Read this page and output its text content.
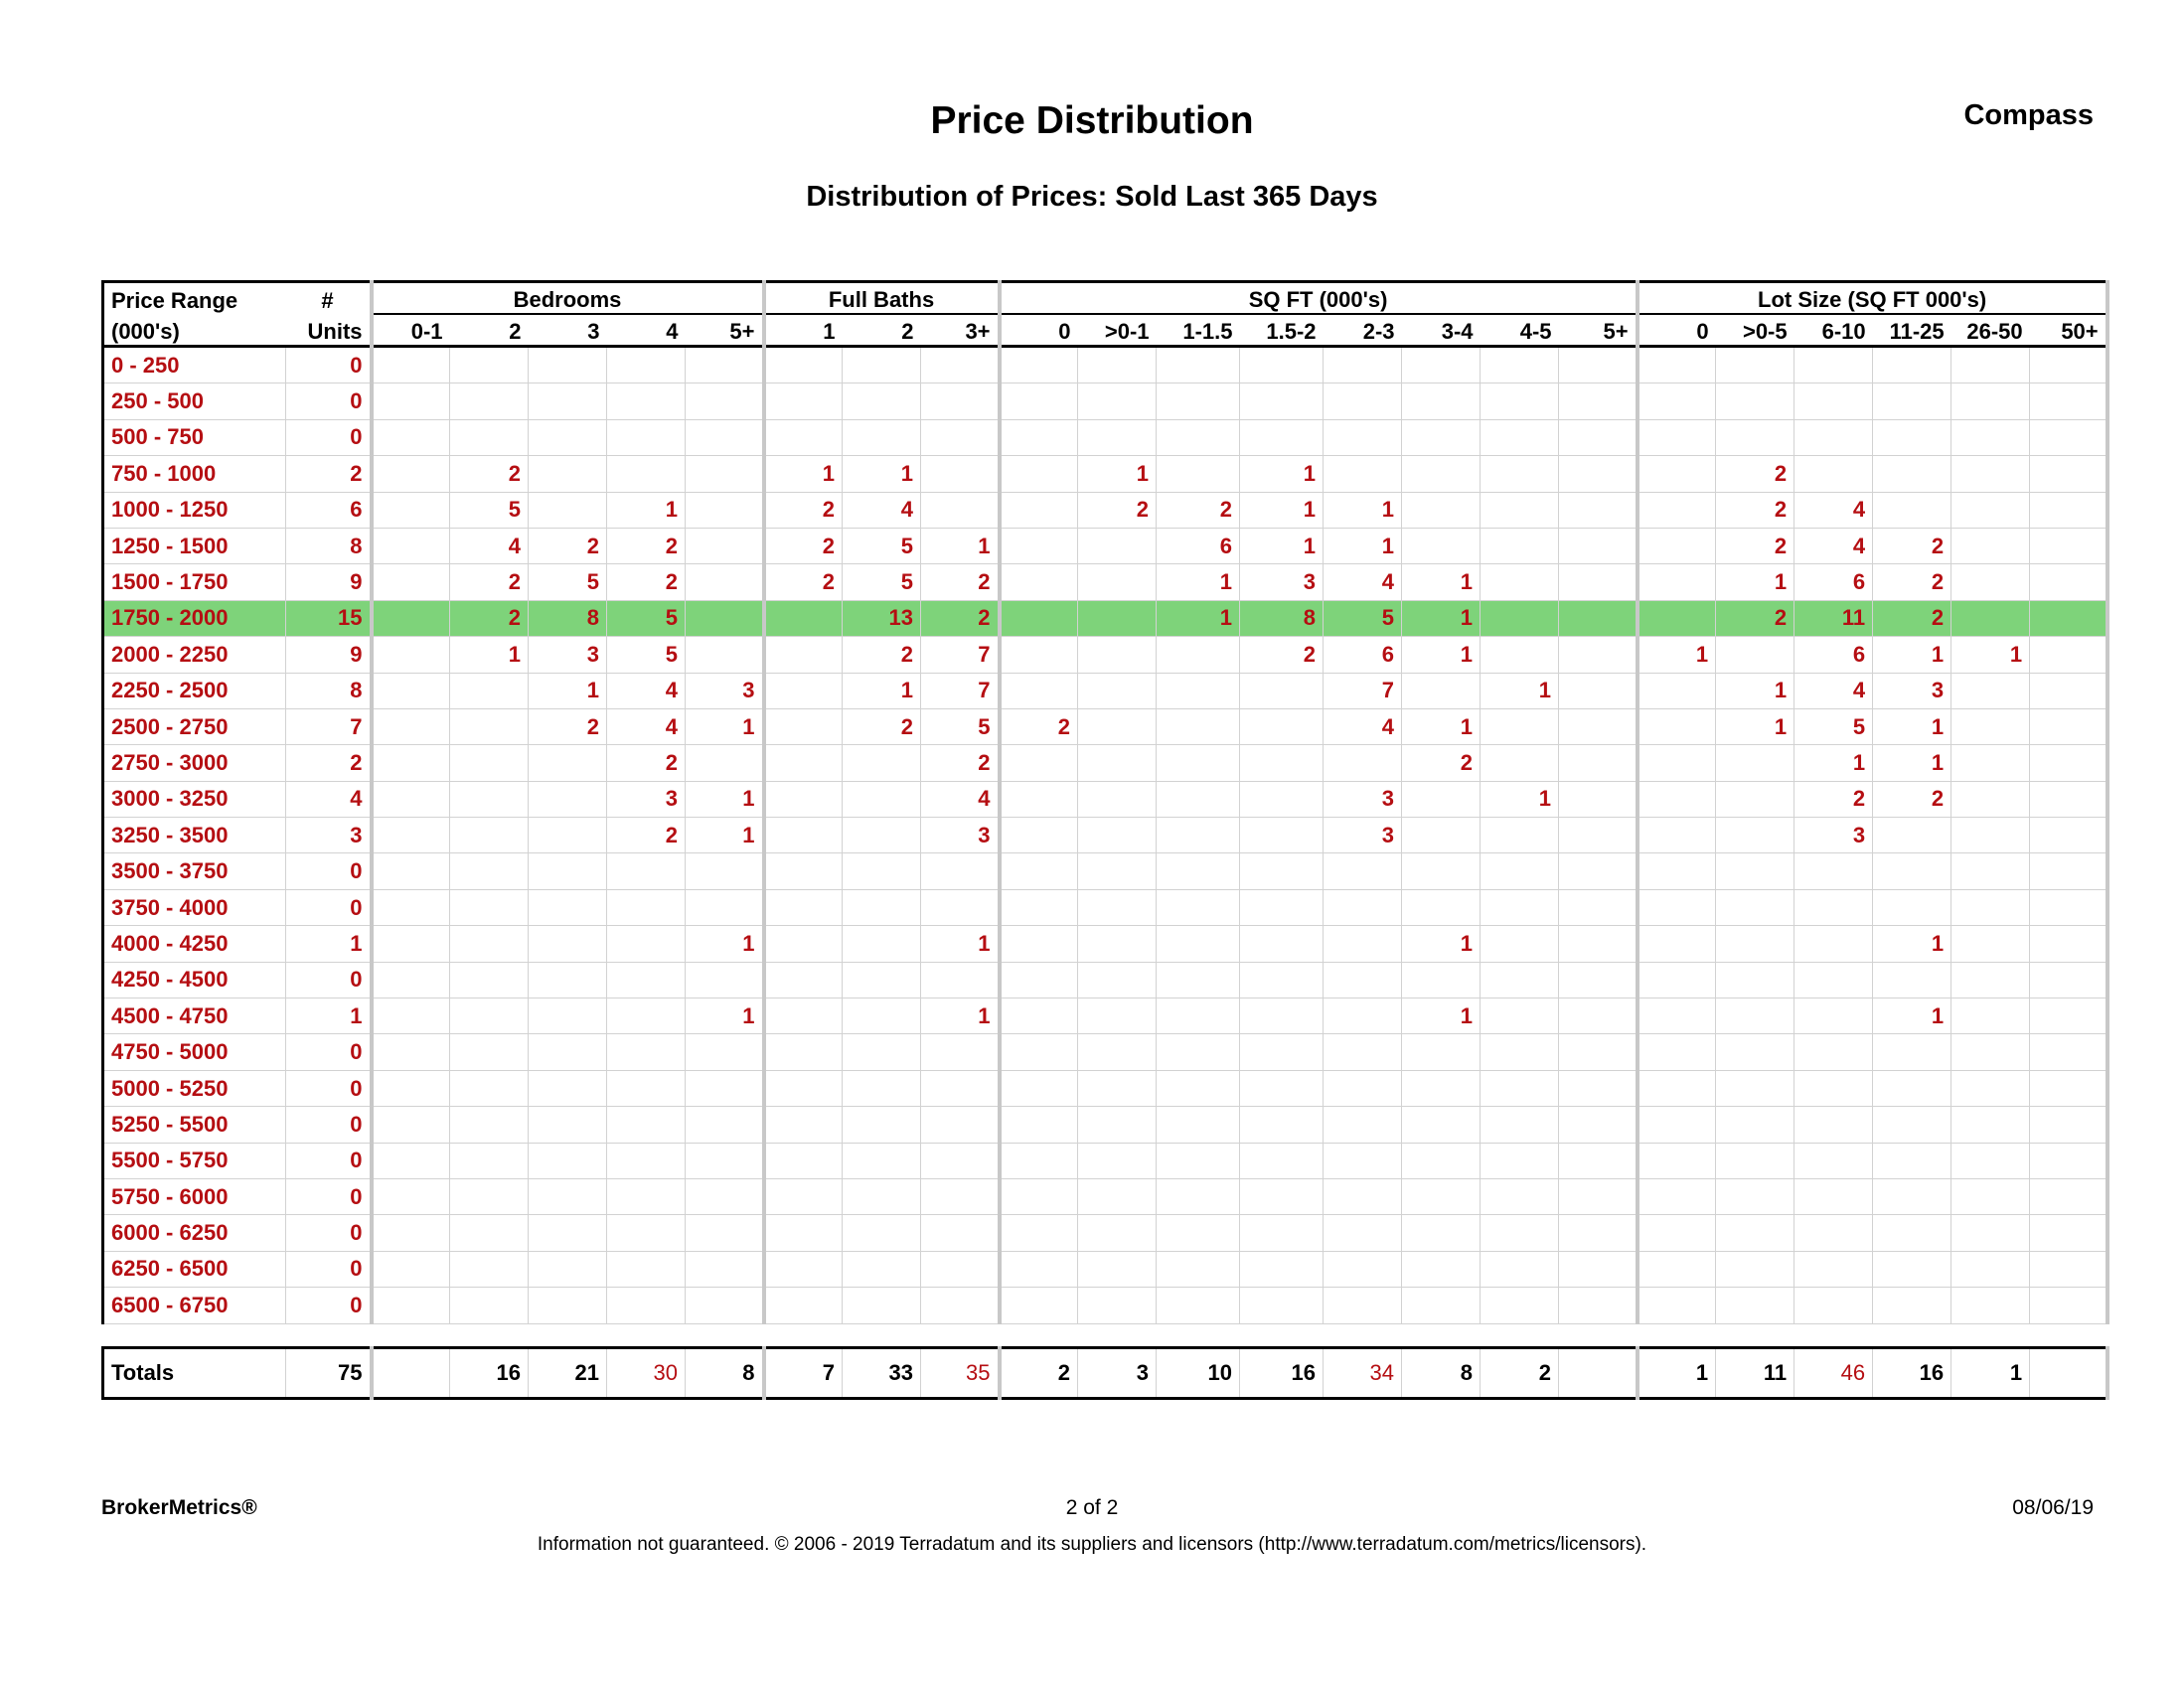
Price Distribution	Compass
Distribution of Prices: Sold Last 365 Days
Price Range	#	Bedrooms					Full Baths			SQ FT (000's)								Lot Size (SQ FT 000's)					
(000's)	Units	0-1	2	3	4	5+	1	2	3+	0	>0-1	1-1.5	1.5-2	2-3	3-4	4-5	5+	0	>0-5	6-10	11-25	26-50	50+
0 - 250	0																						
250 - 500	0																						
500 - 750	0																						
750 - 1000	2		2				1	1			1		1						2				
1000 - 1250	6		5		1		2	4			2	2	1	1					2	4			
1250 - 1500	8		4	2	2		2	5	1			6	1	1					2	4	2		
1500 - 1750	9		2	5	2		2	5	2			1	3	4	1				1	6	2		
1750 - 2000	15		2	8	5			13	2			1	8	5	1				2	11	2		
2000 - 2250	9		1	3	5			2	7				2	6	1			1		6	1	1	
2250 - 2500	8			1	4	3		1	7					7		1			1	4	3		
2500 - 2750	7			2	4	1		2	5	2				4	1				1	5	1		
2750 - 3000	2				2				2						2					1	1		
3000 - 3250	4				3	1			4					3		1				2	2		
3250 - 3500	3				2	1			3					3						3			
3500 - 3750	0																						
3750 - 4000	0																						
4000 - 4250	1					1			1						1						1		
4250 - 4500	0																						
4500 - 4750	1					1			1						1						1		
4750 - 5000	0																						
5000 - 5250	0																						
5250 - 5500	0																						
5500 - 5750	0																						
5750 - 6000	0																						
6000 - 6250	0																						
6250 - 6500	0																						
6500 - 6750	0																						

Totals	75		16	21	30	8	7	33	35	2	3	10	16	34	8	2		1	11	46	16	1	
BrokerMetrics®	2 of 2	08/06/19
Information not guaranteed. © 2006 - 2019 Terradatum and its suppliers and licensors (http://www.terradatum.com/metrics/licensors).
